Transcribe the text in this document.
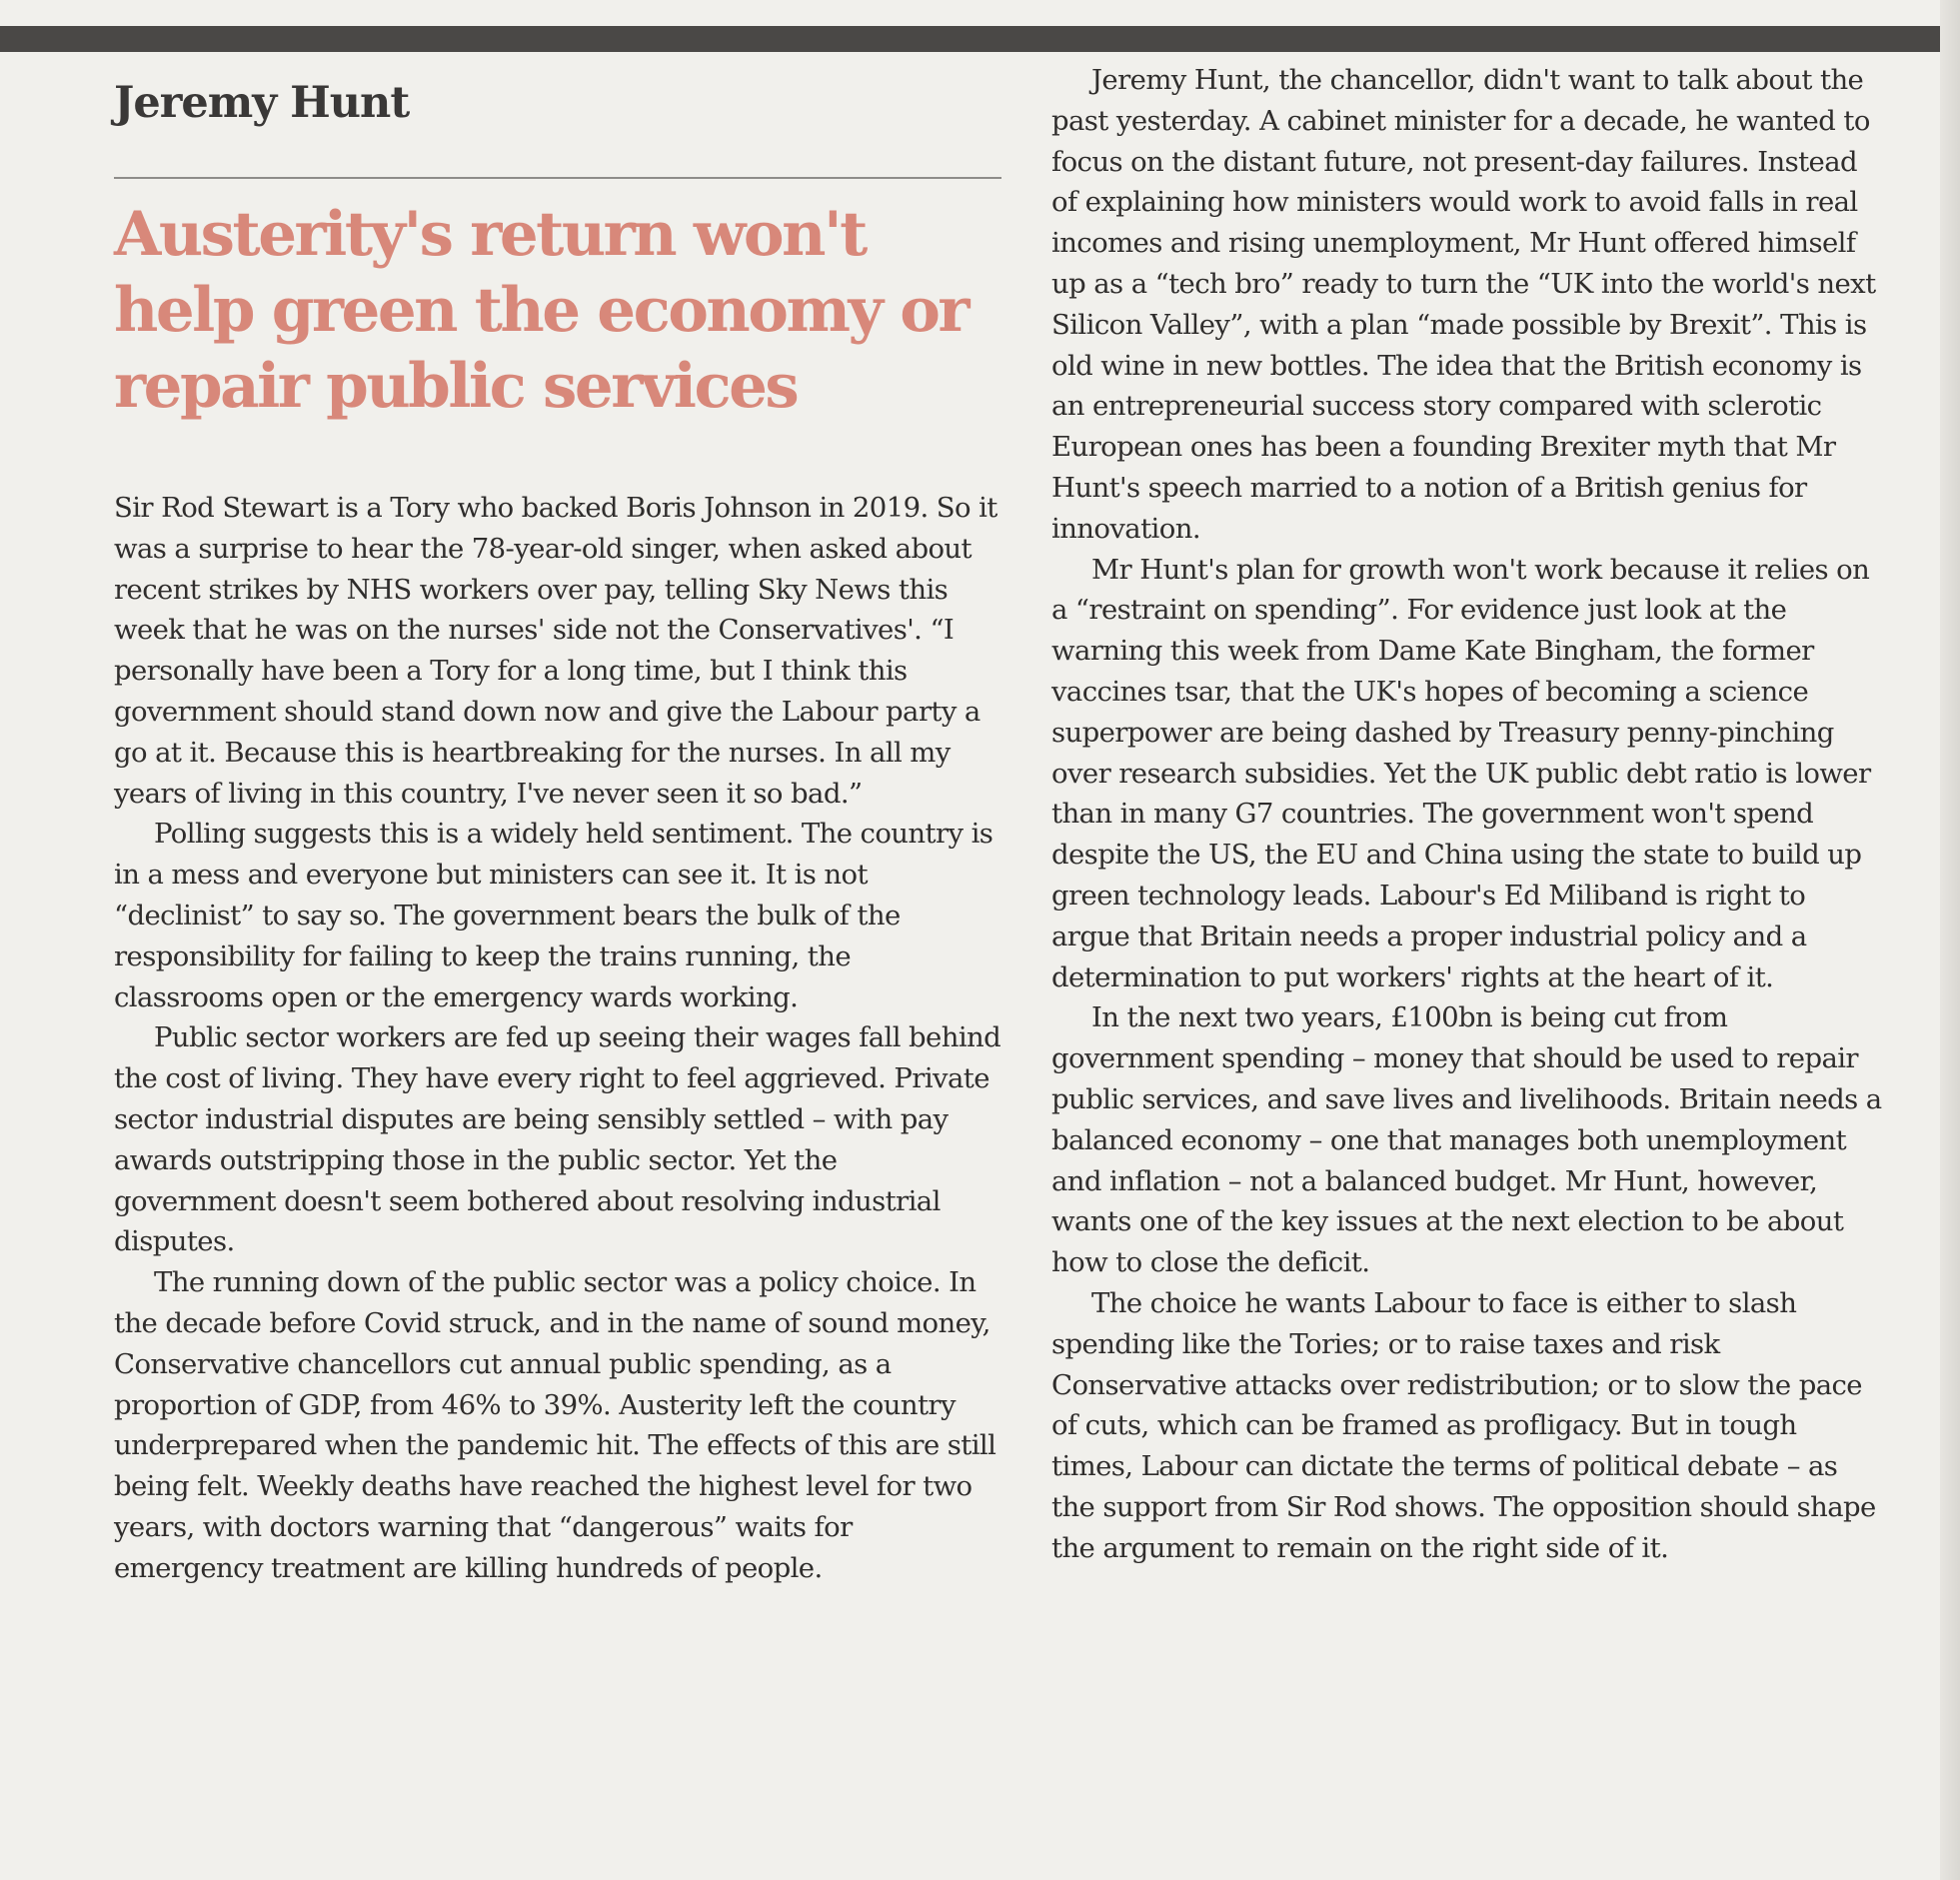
Jeremy Hunt
Austerity's return won't help green the economy or repair public services

Sir Rod Stewart is a Tory who backed Boris Johnson in 2019. So it was a surprise to hear the 78-year-old singer, when asked about recent strikes by NHS workers over pay, telling Sky News this week that he was on the nurses' side not the Conservatives'. “I personally have been a Tory for a long time, but I think this government should stand down now and give the Labour party a go at it. Because this is heartbreaking for the nurses. In all my years of living in this country, I've never seen it so bad.”

Polling suggests this is a widely held sentiment. The country is in a mess and everyone but ministers can see it. It is not “declinist” to say so. The government bears the bulk of the responsibility for failing to keep the trains running, the classrooms open or the emergency wards working.

Public sector workers are fed up seeing their wages fall behind the cost of living. They have every right to feel aggrieved. Private sector industrial disputes are being sensibly settled – with pay awards outstripping those in the public sector. Yet the government doesn't seem bothered about resolving industrial disputes.

The running down of the public sector was a policy choice. In the decade before Covid struck, and in the name of sound money, Conservative chancellors cut annual public spending, as a proportion of GDP, from 46% to 39%. Austerity left the country underprepared when the pandemic hit. The effects of this are still being felt. Weekly deaths have reached the highest level for two years, with doctors warning that “dangerous” waits for emergency treatment are killing hundreds of people.

Jeremy Hunt, the chancellor, didn't want to talk about the past yesterday. A cabinet minister for a decade, he wanted to focus on the distant future, not present-day failures. Instead of explaining how ministers would work to avoid falls in real incomes and rising unemployment, Mr Hunt offered himself up as a “tech bro” ready to turn the “UK into the world's next Silicon Valley”, with a plan “made possible by Brexit”. This is old wine in new bottles. The idea that the British economy is an entrepreneurial success story compared with sclerotic European ones has been a founding Brexiter myth that Mr Hunt's speech married to a notion of a British genius for innovation.

Mr Hunt's plan for growth won't work because it relies on a “restraint on spending”. For evidence just look at the warning this week from Dame Kate Bingham, the former vaccines tsar, that the UK's hopes of becoming a science superpower are being dashed by Treasury penny-pinching over research subsidies. Yet the UK public debt ratio is lower than in many G7 countries. The government won't spend despite the US, the EU and China using the state to build up green technology leads. Labour's Ed Miliband is right to argue that Britain needs a proper industrial policy and a determination to put workers' rights at the heart of it.

In the next two years, £100bn is being cut from government spending – money that should be used to repair public services, and save lives and livelihoods. Britain needs a balanced economy – one that manages both unemployment and inflation – not a balanced budget. Mr Hunt, however, wants one of the key issues at the next election to be about how to close the deficit.

The choice he wants Labour to face is either to slash spending like the Tories; or to raise taxes and risk Conservative attacks over redistribution; or to slow the pace of cuts, which can be framed as profligacy. But in tough times, Labour can dictate the terms of political debate – as the support from Sir Rod shows. The opposition should shape the argument to remain on the right side of it.
